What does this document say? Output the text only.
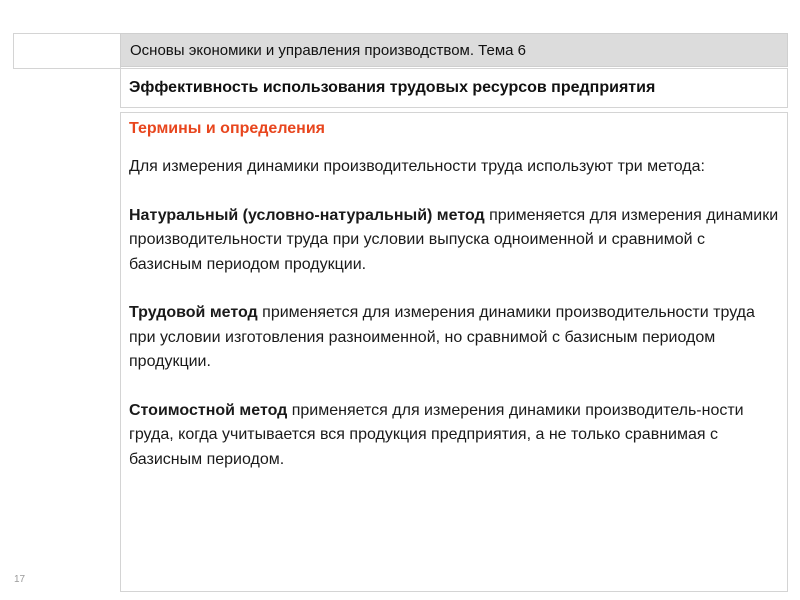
Основы экономики и управления производством. Тема 6
Эффективность использования трудовых ресурсов предприятия
Термины и определения

Для измерения динамики производительности труда используют три метода:

Натуральный (условно-натуральный) метод применяется для измерения динамики производительности труда при условии выпуска одноименной и сравнимой с базисным периодом продукции.

Трудовой метод применяется для измерения динамики производительности труда при условии изготовления разноименной, но сравнимой с базисным периодом продукции.

Стоимостной метод применяется для измерения динамики производитель-ности груда, когда учитывается вся продукция предприятия, а не только сравнимая с базисным периодом.

17
